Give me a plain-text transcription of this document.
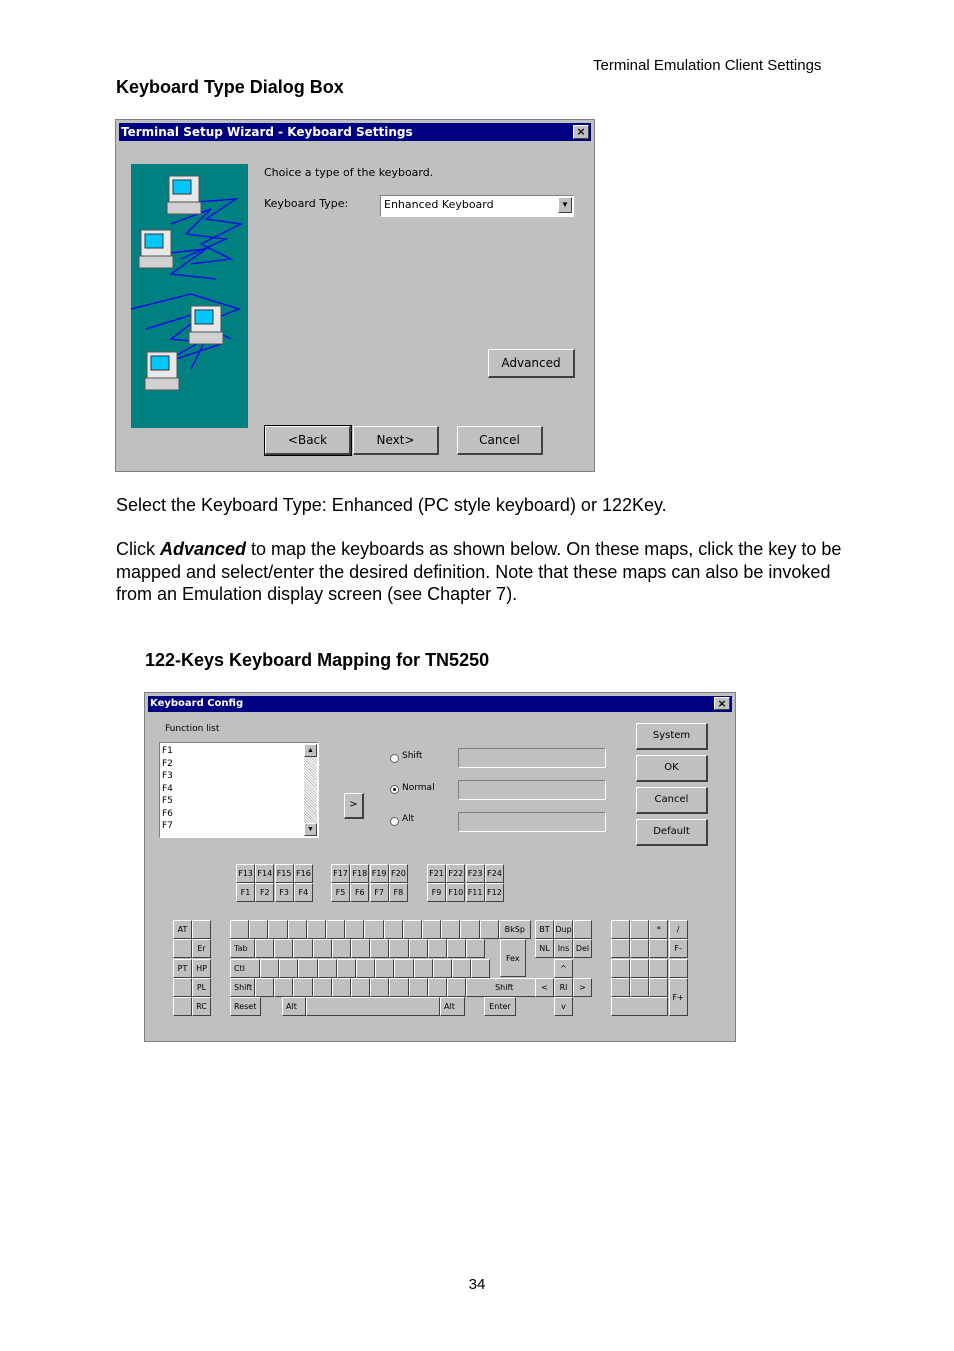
Terminal Emulation Client Settings
Keyboard Type Dialog Box
Terminal Setup Wizard - Keyboard Settings	×
Choice a type of the keyboard.
Keyboard Type:	Enhanced Keyboard	▼
Advanced
<Back	Next>	Cancel
Select the Keyboard Type: Enhanced (PC style keyboard) or 122Key.
Click Advanced to map the keyboards as shown below. On these maps, click the key to be mapped and select/enter the desired definition. Note that these maps can also be invoked from an Emulation display screen (see Chapter 7).
122-Keys Keyboard Mapping for TN5250
Keyboard Config	×
Function list
F1
F2
F3
F4
F5
F6
F7
▲
▼
>
Shift
Normal
Alt
System
OK
Cancel
Default
F13
F1
F14
F2
F15
F3
F16
F4
F17
F5
F18
F6
F19
F7
F20
F8
F21
F9
F22
F10
F23
F11
F24
F12
AT
Er
PT	HP
PL
RC
BkSp
Tab
Fex
Ctl
Shift	Shift
Reset	Alt	Alt	Enter
BT Dup
NL Ins Del
^
<	Rl	>
v
/
*
F-
F+
34
